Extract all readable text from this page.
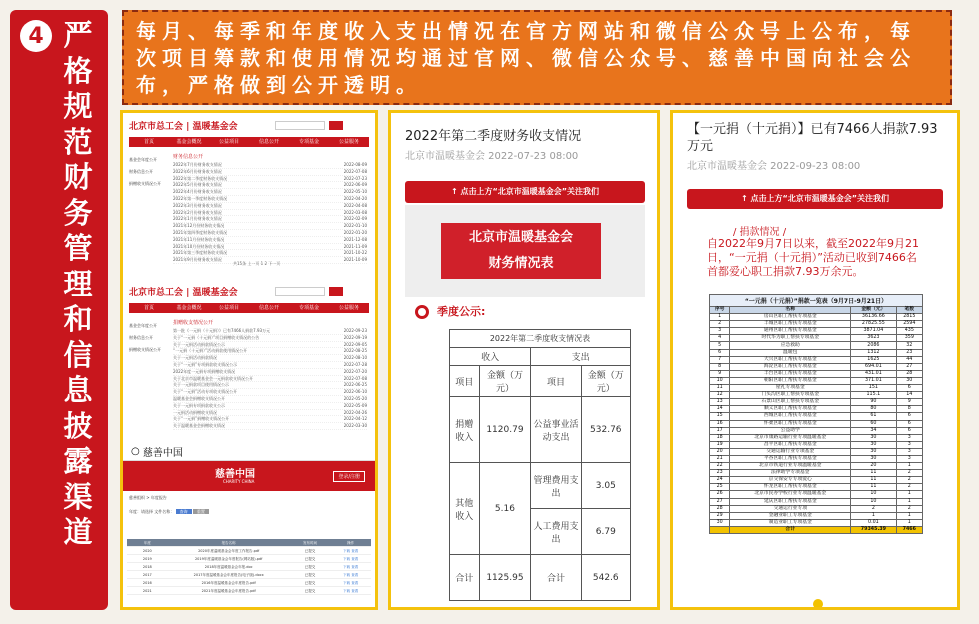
4 严格规范财务管理和信息披露渠道

每月、每季和年度收入支出情况在官方网站和微信公众号上公布，每次项目筹款和使用情况均通过官网、微信公众号、慈善中国向社会公布，严格做到公开透明。

北京市总工会 | 温暖基金会
首页	基金会概况	公益项目	信息公开	专项基金	公益服务
基金会年度公开
财务信息公开
捐赠收支情况公开
财务信息公开
2022年7月份财务收支情况	2022-08-09
2022年6月份财务收支情况	2022-07-08
2022年第二季度财务收支情况	2022-07-23
2022年5月份财务收支情况	2022-06-09
2022年4月份财务收支情况	2022-05-10
2022年第一季度财务收支情况	2022-04-20
2022年3月份财务收支情况	2022-04-08
2022年2月份财务收支情况	2022-03-08
2022年1月份财务收支情况	2022-02-09
2021年12月份财务收支情况	2022-01-10
2021年第四季度财务收支情况	2022-01-20
2021年11月份财务收支情况	2021-12-08
2021年10月份财务收支情况	2021-11-09
2021年第三季度财务收支情况	2021-10-22
2021年9月份财务收支情况	2021-10-09
共15条 上一页 1 2 下一页
北京市总工会 | 温暖基金会
首页	基金会概况	公益项目	信息公开	专项基金	公益服务
基金会年度公开
财务信息公开
捐赠收支情况公开
捐赠收支情况公开
第一批《一元捐（十元捐）》已有7466人捐款7.93万元	2022-09-23
关于“一元捐（十元捐）”项目捐赠收支情况的公告	2022-09-19
关于一元捐活动捐款情况公示	2022-09-05
“一元捐（十元捐）”活动捐款使用情况公开	2022-08-25
关于一元捐活动捐款情况	2022-08-10
关于“一元捐”专项捐款收支情况公示	2022-07-28
2022年度一元捐专项捐赠收支情况	2022-07-20
关于北京市温暖基金会一元捐款收支情况公开	2022-07-08
关于一元捐款项目使用情况公示	2022-06-25
关于“一元捐”活动专项收支情况公开	2022-06-10
温暖基金会捐赠收支情况公开	2022-05-20
关于一元捐专项捐款收支公示	2022-05-09
一元捐活动捐赠收支情况	2022-04-26
关于“一元捐”捐赠收支情况公开	2022-04-12
关于温暖基金会捐赠收支情况	2022-03-30
○ 慈善中国
慈善中国
CHARITY CHINA
登录/注册
慈善组织 > 年度报告
年度：请选择 文件名称： 查询 重置
年度	报告名称	发布时间	操作
2020	2020年度温暖基金会年度工作报告.pdf	已提交	下载 查看
2019	2019年度温暖基金会年度报告(网站版).pdf	已提交	下载 查看
2018	2018年度温暖基金会年报.doc	已提交	下载 查看
2017	2017年度温暖基金会年度报告(电子版).docx	已提交	下载 查看
2016	2016年度温暖基金会年度报告.pdf	已提交	下载 查看
2021	2021年度温暖基金会年度报告.pdf	已提交	下载 查看
2022年第二季度财务收支情况
北京市温暖基金会 2022-07-23 08:00
↑ 点击上方“北京市温暖基金会”关注我们
北京市温暖基金会
财务情况表
季度公示:
2022年第二季度收支情况表
收入		支出	
项目	金额（万元）	项目	金额（万元）
捐赠收入	1120.79	公益事业活动支出	532.76
其他收入	5.16	管理费用支出	3.05
		人工费用支出	6.79
合计	1125.95	合计	542.6
【一元捐（十元捐）】已有7466人捐款7.93万元
北京市温暖基金会 2022-09-23 08:00
↑ 点击上方“北京市温暖基金会”关注我们
/ 捐款情况 /
自2022年9月7日以来，截至2022年9月21日，“一元捐（十元捐）”活动已收到7466名首都爱心职工捐款7.93万余元。
“一元捐（十元捐）”捐款一览表（9月7日-9月21日）
序号	名称	金额（元）	笔数
1	房山区职工帮扶专项基金	36136.66	2815
2	丰城区职工帮扶专项基金	27825.55	2594
3	通州区职工帮扶专项基金	3871.04	435
4	时代华为职工帮扶专项基金	3623	359
5	应急救助	2086	32
6	温暖包	1312	23
7	大兴区职工帮扶专项基金	1625	44
8	海淀区职工帮扶专项基金	694.01	27
9	丰台区职工帮扶专项基金	431.01	28
10	朝阳区职工帮扶专项基金	371.01	30
11	屋礼专项基金	151	6
12	门头沟区职工帮扶专项基金	115.1	14
13	石景山区职工帮扶专项基金	90	9
14	顺义区职工帮扶专项基金	80	8
15	西城区职工帮扶专项基金	61	6
16	怀柔区职工帮扶专项基金	60	6
17	公益助学	34	6
18	北京市康路运输行业专项温暖基金	30	3
19	昌平区职工帮扶专项基金	30	3
20	交通运输行业专项基金	30	3
21	平谷区职工帮扶专项基金	30	3
22	北京市铁道行业专项温暖基金	20	1
23	法律助学专项基金	11	2
24	京交保安专专项爱心	11	2
25	怀龙区职工帮扶专项基金	11	2
26	北京市民办学校行业专项温暖基金	10	1
27	延庆区职工帮扶专项基金	10	1
28	交通运行业专项	2	2
29	金融业职工专项基金	1	1
30	制造业职工专项基金	0.01	1
	合计	79345.39	7466
